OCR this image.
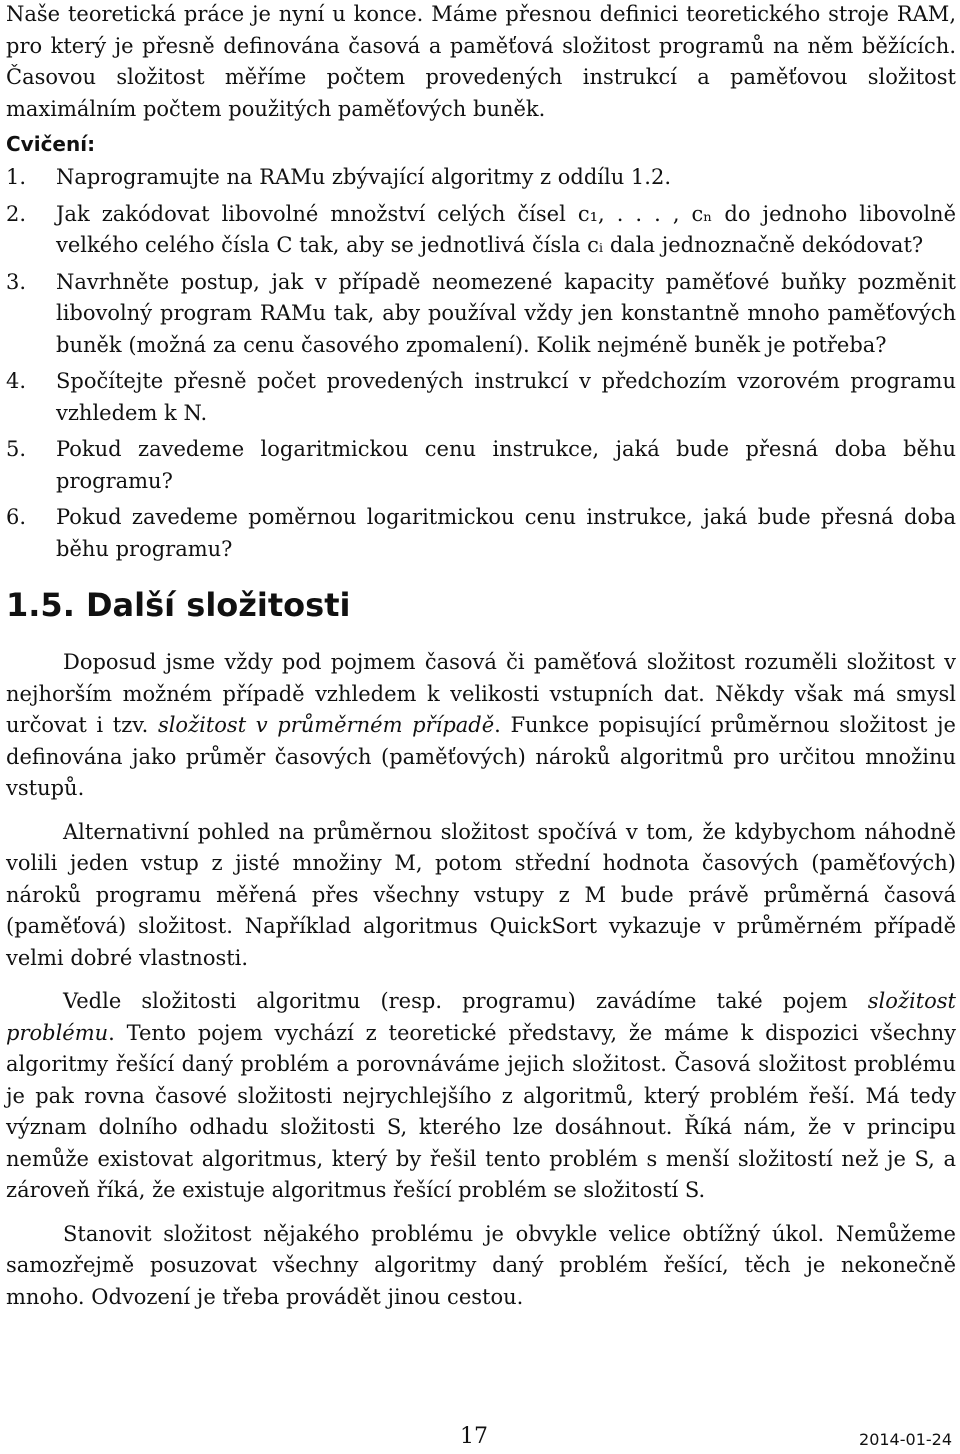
Naše teoretická práce je nyní u konce. Máme přesnou definici teoretického stroje RAM, pro který je přesně definována časová a paměťová složitost programů na něm běžících. Časovou složitost měříme počtem provedených instrukcí a paměťovou složitost maximálním počtem použitých paměťových buněk.

Cvičení:
1. Naprogramujte na RAMu zbývající algoritmy z oddílu 1.2.
2. Jak zakódovat libovolné množství celých čísel c₁, . . . , cₙ do jednoho libovolně velkého celého čísla C tak, aby se jednotlivá čísla cᵢ dala jednoznačně dekódovat?
3. Navrhněte postup, jak v případě neomezené kapacity paměťové buňky pozměnit libovolný program RAMu tak, aby používal vždy jen konstantně mnoho paměťových buněk (možná za cenu časového zpomalení). Kolik nejméně buněk je potřeba?
4. Spočítejte přesně počet provedených instrukcí v předchozím vzorovém programu vzhledem k N.
5. Pokud zavedeme logaritmickou cenu instrukce, jaká bude přesná doba běhu programu?
6. Pokud zavedeme poměrnou logaritmickou cenu instrukce, jaká bude přesná doba běhu programu?
1.5. Další složitosti

Doposud jsme vždy pod pojmem časová či paměťová složitost rozuměli složitost v nejhorším možném případě vzhledem k velikosti vstupních dat. Někdy však má smysl určovat i tzv. složitost v průměrném případě. Funkce popisující průměrnou složitost je definována jako průměr časových (paměťových) nároků algoritmů pro určitou množinu vstupů.

Alternativní pohled na průměrnou složitost spočívá v tom, že kdybychom náhodně volili jeden vstup z jisté množiny M, potom střední hodnota časových (paměťových) nároků programu měřená přes všechny vstupy z M bude právě průměrná časová (paměťová) složitost. Například algoritmus QuickSort vykazuje v průměrném případě velmi dobré vlastnosti.

Vedle složitosti algoritmu (resp. programu) zavádíme také pojem složitost problému. Tento pojem vychází z teoretické představy, že máme k dispozici všechny algoritmy řešící daný problém a porovnáváme jejich složitost. Časová složitost problému je pak rovna časové složitosti nejrychlejšího z algoritmů, který problém řeší. Má tedy význam dolního odhadu složitosti S, kterého lze dosáhnout. Říká nám, že v principu nemůže existovat algoritmus, který by řešil tento problém s menší složitostí než je S, a zároveň říká, že existuje algoritmus řešící problém se složitostí S.

Stanovit složitost nějakého problému je obvykle velice obtížný úkol. Nemůžeme samozřejmě posuzovat všechny algoritmy daný problém řešící, těch je nekonečně mnoho. Odvození je třeba provádět jinou cestou.

17	2014-01-24
